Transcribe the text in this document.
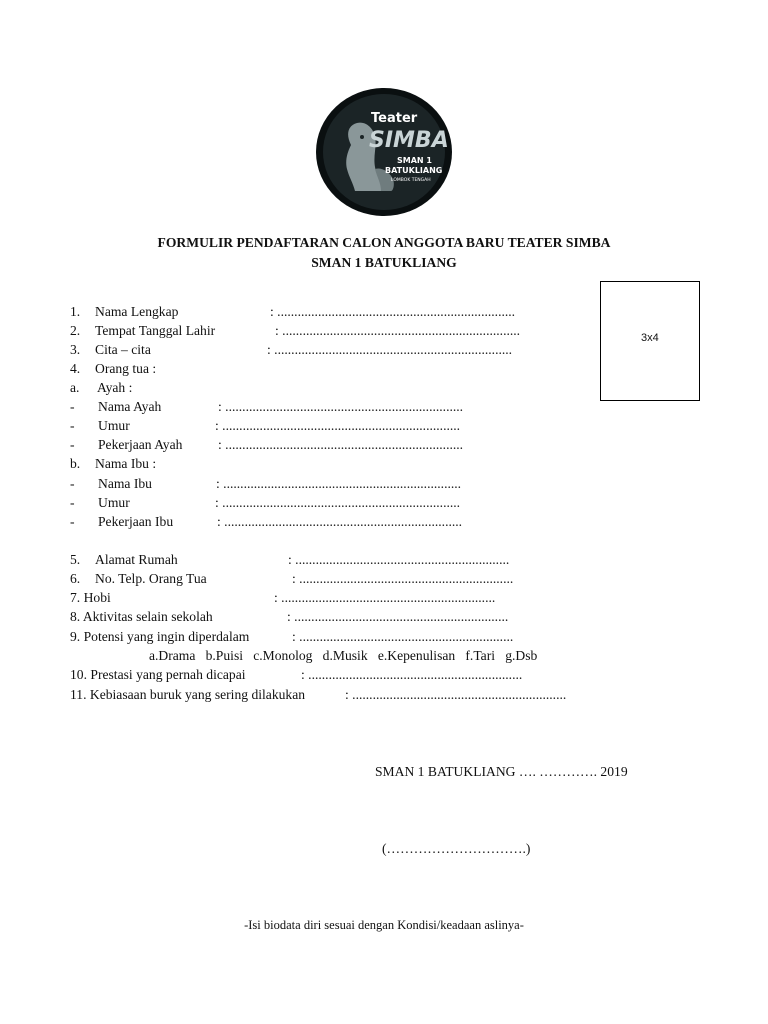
Teater
SIMBA
SMAN 1
BATUKLIANG
LOMBOK TENGAH
FORMULIR PENDAFTARAN CALON ANGGOTA BARU TEATER SIMBA
SMAN 1 BATUKLIANG
3x4
1. Nama Lengkap	: ......................................................................
2. Tempat Tanggal Lahir	: ......................................................................
3. Cita – cita	: ......................................................................
4. Orang tua :
a. Ayah :
- Nama Ayah	: ......................................................................
- Umur	: ......................................................................
- Pekerjaan Ayah	: ......................................................................
b. Nama Ibu :
- Nama Ibu	: ......................................................................
- Umur	: ......................................................................
- Pekerjaan Ibu	: ......................................................................
5. Alamat Rumah	: ...............................................................
6. No. Telp. Orang Tua	: ...............................................................
7. Hobi	: ...............................................................
8. Aktivitas selain sekolah	: ...............................................................
9. Potensi yang ingin diperdalam	: ...............................................................
a.Drama   b.Puisi   c.Monolog   d.Musik   e.Kepenulisan   f.Tari   g.Dsb
10. Prestasi yang pernah dicapai	: ...............................................................
11. Kebiasaan buruk yang sering dilakukan	: ...............................................................
SMAN 1 BATUKLIANG …. …………. 2019
(………………………….)
-Isi biodata diri sesuai dengan Kondisi/keadaan aslinya-
